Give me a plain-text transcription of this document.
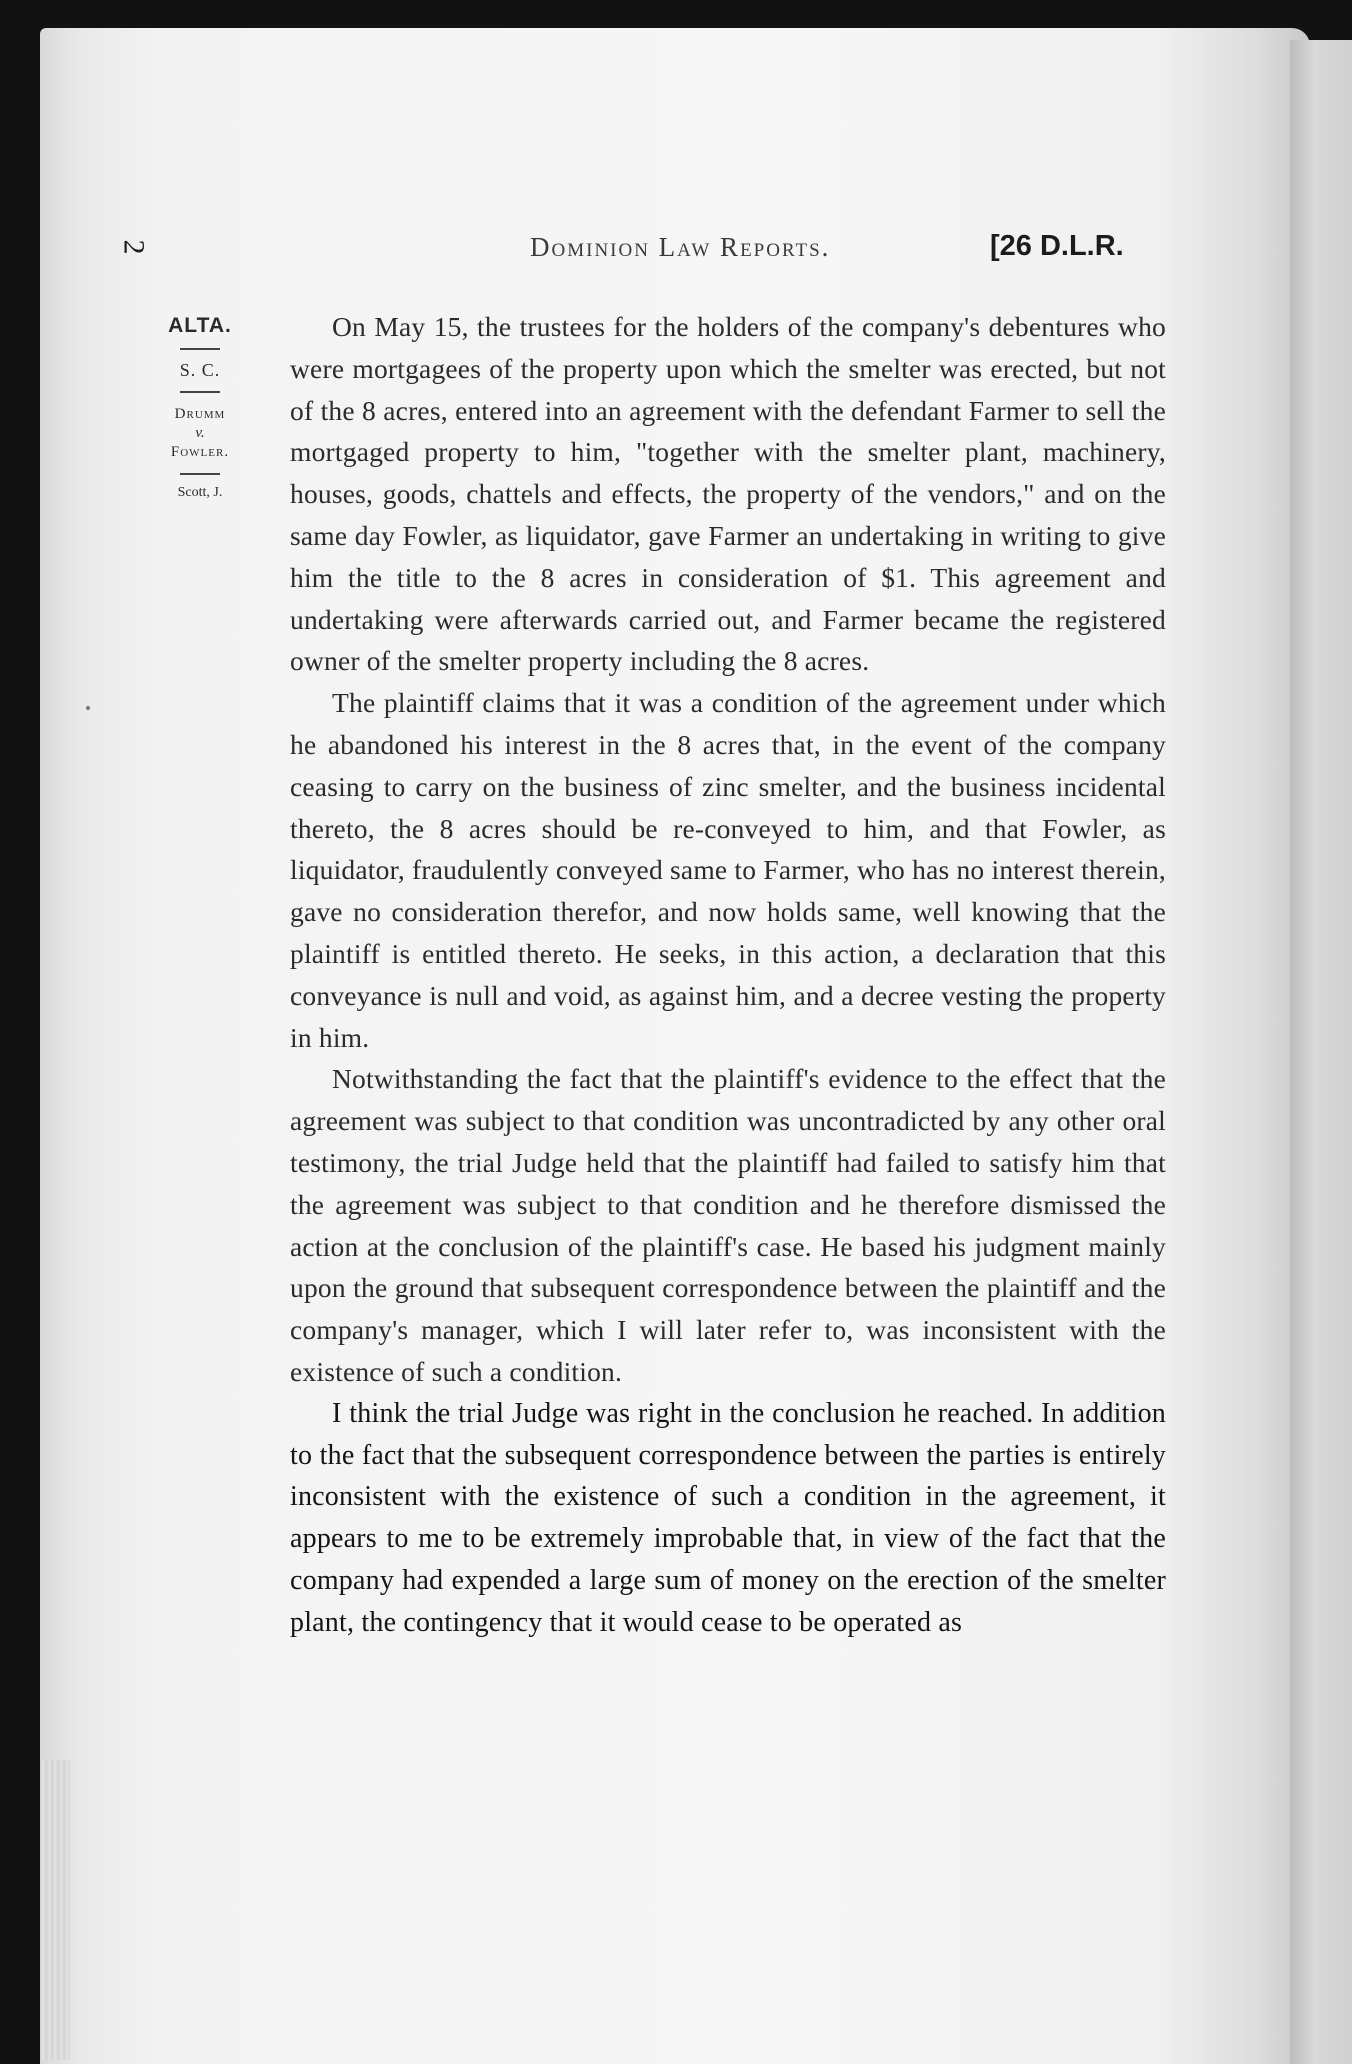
2	Dominion Law Reports.	[26 D.L.R.
ALTA.
S. C.
Drumm
v.
Fowler.
Scott, J.

On May 15, the trustees for the holders of the company's debentures who were mortgagees of the property upon which the smelter was erected, but not of the 8 acres, entered into an agreement with the defendant Farmer to sell the mortgaged property to him, "together with the smelter plant, machinery, houses, goods, chattels and effects, the property of the vendors," and on the same day Fowler, as liquidator, gave Farmer an undertaking in writing to give him the title to the 8 acres in consideration of $1. This agreement and undertaking were afterwards carried out, and Farmer became the registered owner of the smelter property including the 8 acres.

The plaintiff claims that it was a condition of the agreement under which he abandoned his interest in the 8 acres that, in the event of the company ceasing to carry on the business of zinc smelter, and the business incidental thereto, the 8 acres should be re-conveyed to him, and that Fowler, as liquidator, fraudulently conveyed same to Farmer, who has no interest therein, gave no consideration therefor, and now holds same, well knowing that the plaintiff is entitled thereto. He seeks, in this action, a declaration that this conveyance is null and void, as against him, and a decree vesting the property in him.

Notwithstanding the fact that the plaintiff's evidence to the effect that the agreement was subject to that condition was uncontradicted by any other oral testimony, the trial Judge held that the plaintiff had failed to satisfy him that the agreement was subject to that condition and he therefore dismissed the action at the conclusion of the plaintiff's case. He based his judgment mainly upon the ground that subsequent correspondence between the plaintiff and the company's manager, which I will later refer to, was inconsistent with the existence of such a condition.

I think the trial Judge was right in the conclusion he reached. In addition to the fact that the subsequent correspondence between the parties is entirely inconsistent with the existence of such a condition in the agreement, it appears to me to be extremely improbable that, in view of the fact that the company had expended a large sum of money on the erection of the smelter plant, the contingency that it would cease to be operated as
